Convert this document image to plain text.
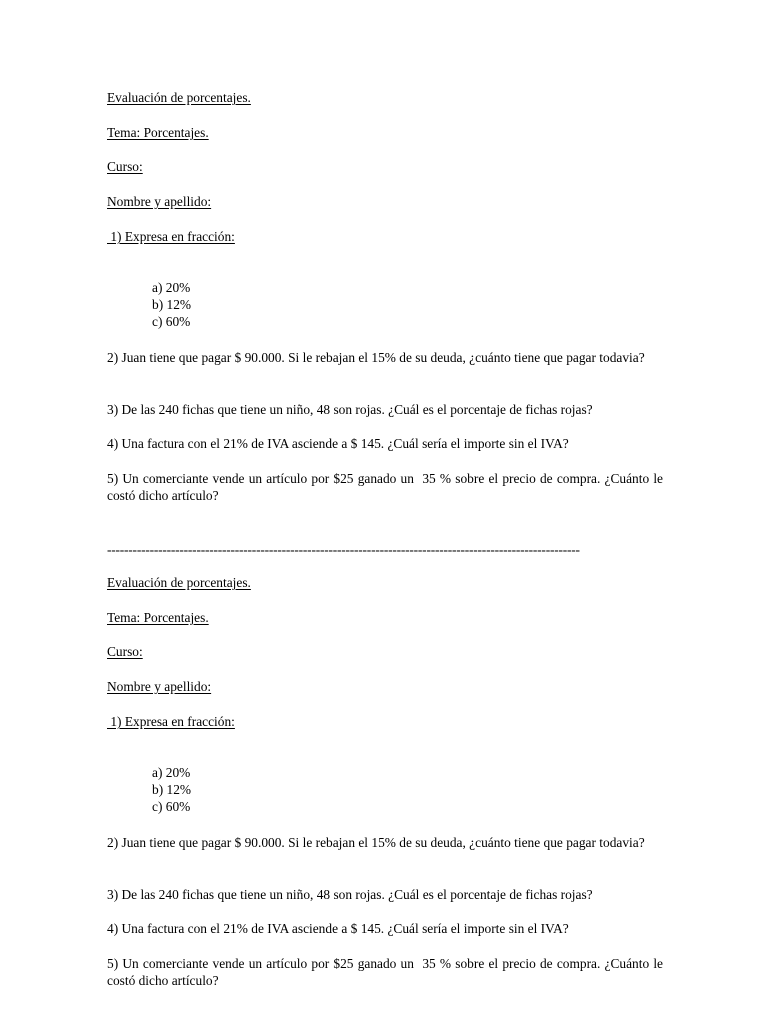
Evaluación de porcentajes.
Tema: Porcentajes.
Curso:
Nombre y apellido:
1) Expresa en fracción:
a) 20%
b) 12%
c) 60%
2) Juan tiene que pagar $ 90.000. Si le rebajan el 15% de su deuda, ¿cuánto tiene que pagar todavia?
3) De las 240 fichas que tiene un niño, 48 son rojas. ¿Cuál es el porcentaje de fichas rojas?
4) Una factura con el 21% de IVA asciende a $ 145. ¿Cuál sería el importe sin el IVA?
5) Un comerciante vende un artículo por $25 ganado un  35 % sobre el precio de compra. ¿Cuánto le costó dicho artículo?
---------------------------------------------------------------------------------------------------------------
Evaluación de porcentajes.
Tema: Porcentajes.
Curso:
Nombre y apellido:
1) Expresa en fracción:
a) 20%
b) 12%
c) 60%
2) Juan tiene que pagar $ 90.000. Si le rebajan el 15% de su deuda, ¿cuánto tiene que pagar todavia?
3) De las 240 fichas que tiene un niño, 48 son rojas. ¿Cuál es el porcentaje de fichas rojas?
4) Una factura con el 21% de IVA asciende a $ 145. ¿Cuál sería el importe sin el IVA?
5) Un comerciante vende un artículo por $25 ganado un  35 % sobre el precio de compra. ¿Cuánto le costó dicho artículo?
